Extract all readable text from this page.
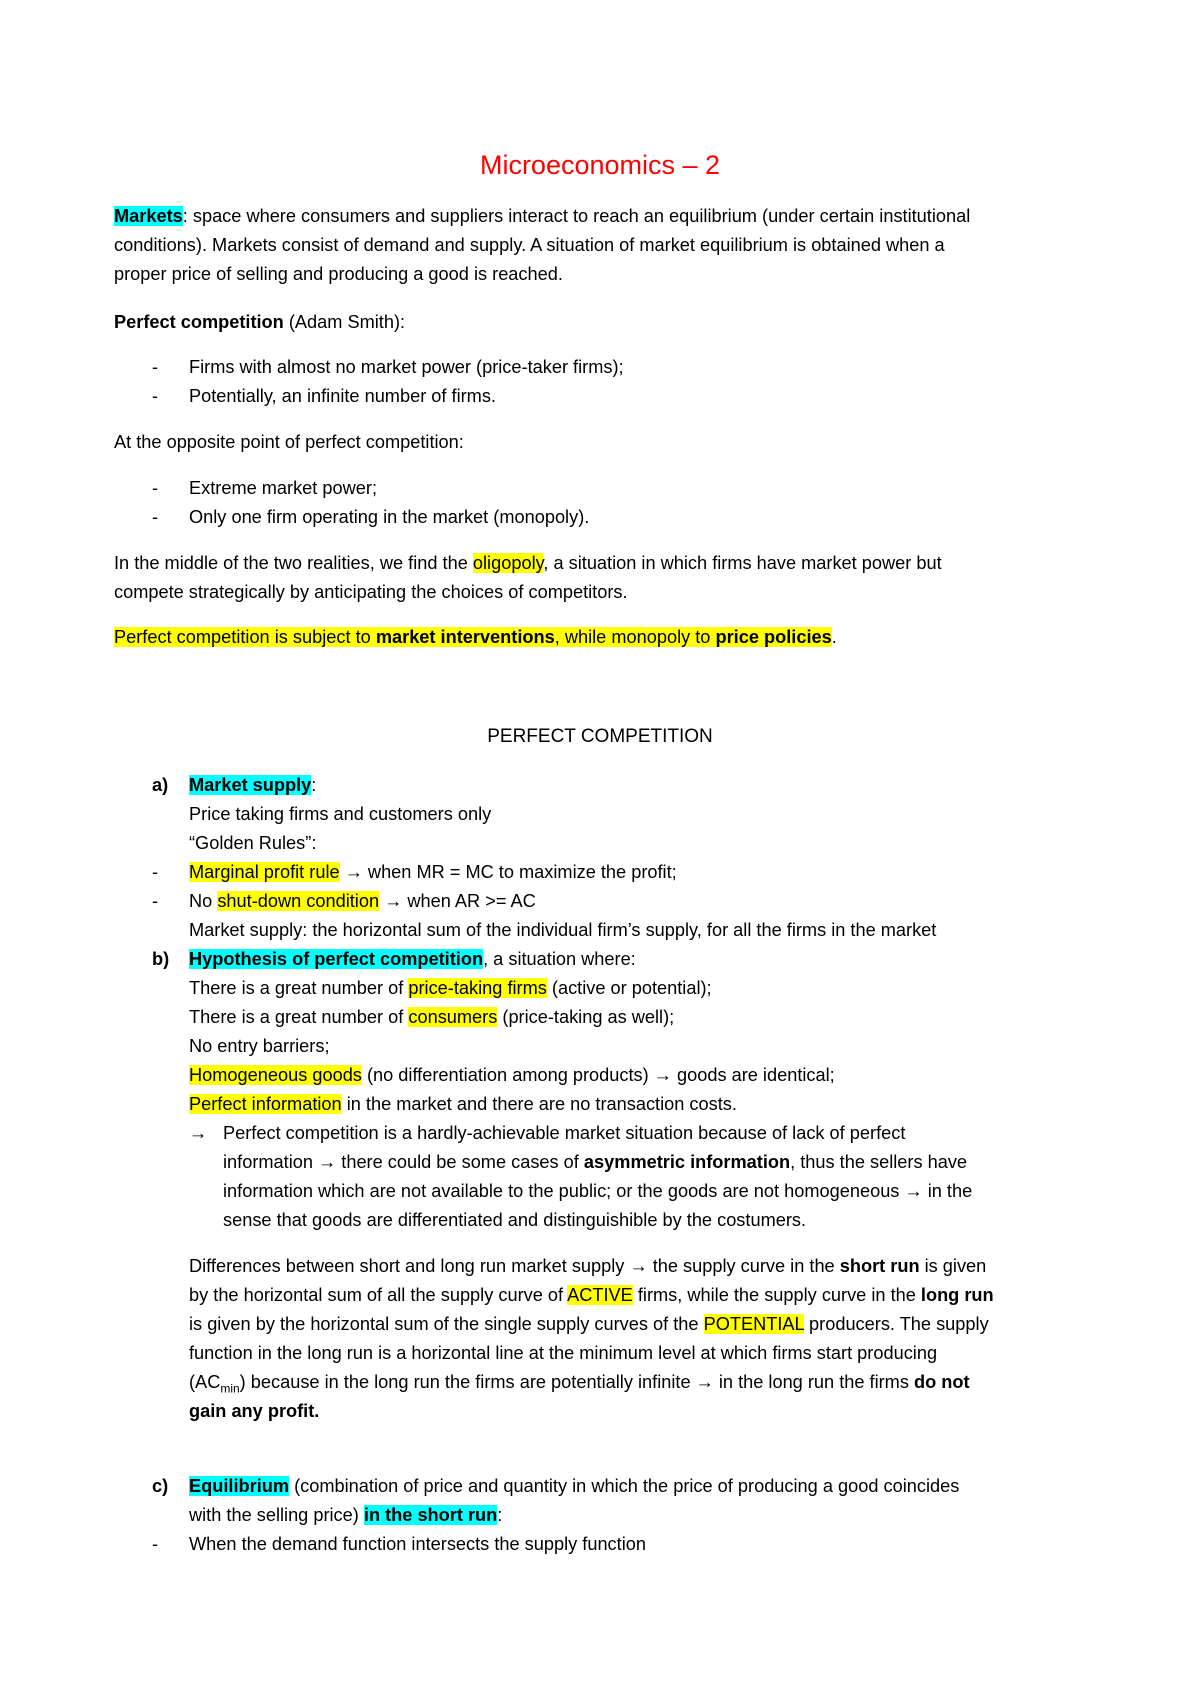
Microeconomics – 2
Markets: space where consumers and suppliers interact to reach an equilibrium (under certain institutional
conditions). Markets consist of demand and supply. A situation of market equilibrium is obtained when a
proper price of selling and producing a good is reached.
Perfect competition (Adam Smith):
- Firms with almost no market power (price-taker firms);
- Potentially, an infinite number of firms.
At the opposite point of perfect competition:
- Extreme market power;
- Only one firm operating in the market (monopoly).
In the middle of the two realities, we find the oligopoly, a situation in which firms have market power but
compete strategically by anticipating the choices of competitors.
Perfect competition is subject to market interventions, while monopoly to price policies.
PERFECT COMPETITION
a) Market supply:
Price taking firms and customers only
“Golden Rules”:
- Marginal profit rule → when MR = MC to maximize the profit;
- No shut-down condition → when AR >= AC
Market supply: the horizontal sum of the individual firm’s supply, for all the firms in the market
b) Hypothesis of perfect competition, a situation where:
There is a great number of price-taking firms (active or potential);
There is a great number of consumers (price-taking as well);
No entry barriers;
Homogeneous goods (no differentiation among products) → goods are identical;
Perfect information in the market and there are no transaction costs.
→ Perfect competition is a hardly-achievable market situation because of lack of perfect
information → there could be some cases of asymmetric information, thus the sellers have
information which are not available to the public; or the goods are not homogeneous → in the
sense that goods are differentiated and distinguishible by the costumers.
Differences between short and long run market supply → the supply curve in the short run is given
by the horizontal sum of all the supply curve of ACTIVE firms, while the supply curve in the long run
is given by the horizontal sum of the single supply curves of the POTENTIAL producers. The supply
function in the long run is a horizontal line at the minimum level at which firms start producing
$(AC_{min})$ because in the long run the firms are potentially infinite → in the long run the firms do not
gain any profit.
c) Equilibrium (combination of price and quantity in which the price of producing a good coincides
with the selling price) in the short run:
- When the demand function intersects the supply function
